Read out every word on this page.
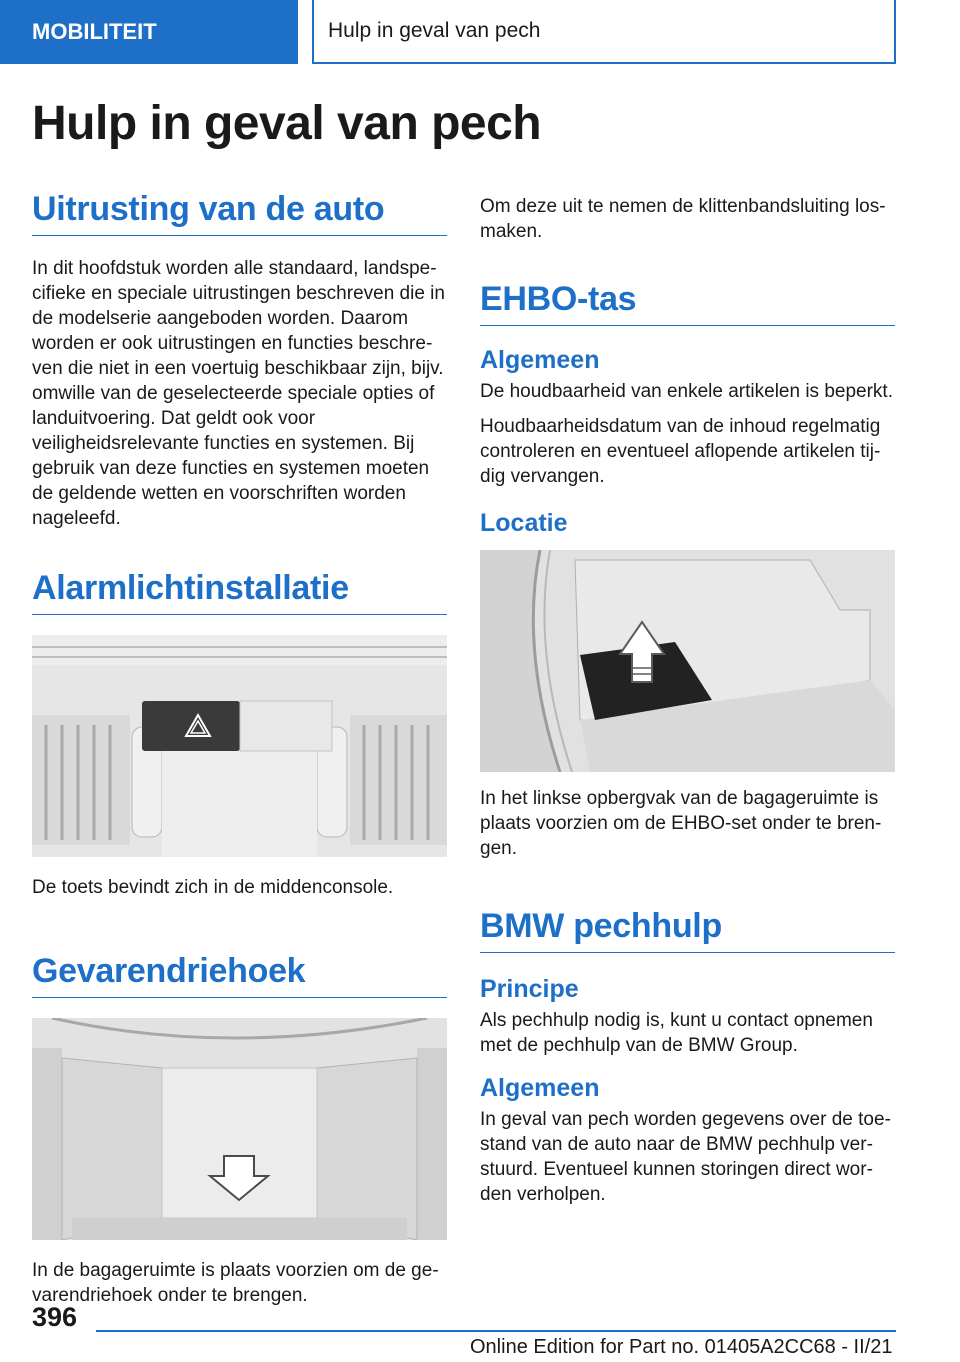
MOBILITEIT	Hulp in geval van pech
Hulp in geval van pech
Uitrusting van de auto

In dit hoofdstuk worden alle standaard, landspecifieke en speciale uitrustingen beschreven die in de modelserie aangeboden worden. Daarom worden er ook uitrustingen en functies beschreven die niet in een voertuig beschikbaar zijn, bijv. omwille van de geselecteerde speciale opties of landuitvoering. Dat geldt ook voor veiligheidsrelevante functies en systemen. Bij gebruik van deze functies en systemen moeten de geldende wetten en voorschriften worden nageleefd.

Alarmlichtinstallatie

De toets bevindt zich in de middenconsole.

Gevarendriehoek

In de bagageruimte is plaats voorzien om de gevarendriehoek onder te brengen.

Om deze uit te nemen de klittenbandsluiting losmaken.

EHBO-tas
Algemeen

De houdbaarheid van enkele artikelen is beperkt.

Houdbaarheidsdatum van de inhoud regelmatig controleren en eventueel aflopende artikelen tijdig vervangen.

Locatie

In het linkse opbergvak van de bagageruimte is plaats voorzien om de EHBO-set onder te brengen.

BMW pechhulp
Principe

Als pechhulp nodig is, kunt u contact opnemen met de pechhulp van de BMW Group.

Algemeen

In geval van pech worden gegevens over de toestand van de auto naar de BMW pechhulp verstuurd. Eventueel kunnen storingen direct worden verholpen.

396
Online Edition for Part no. 01405A2CC68 - II/21
